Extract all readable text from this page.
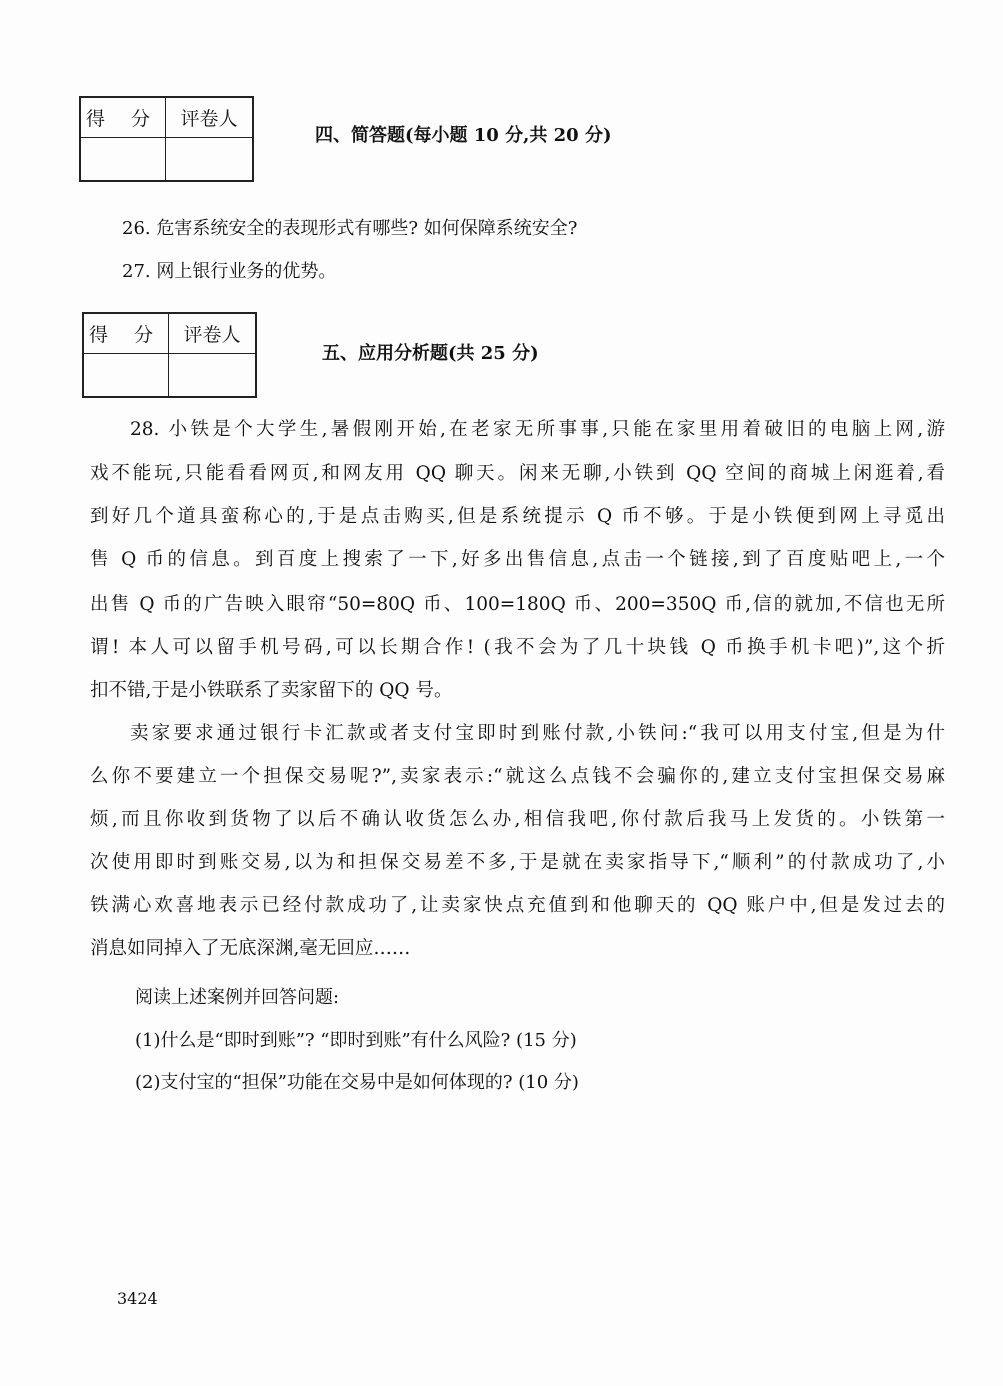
得 分	评卷人

四、简答题(每小题 10 分,共 20 分)
26. 危害系统安全的表现形式有哪些? 如何保障系统安全?
27. 网上银行业务的优势。
得 分	评卷人

五、应用分析题(共 25 分)
28. 小铁是个大学生,暑假刚开始,在老家无所事事,只能在家里用着破旧的电脑上网,游
戏不能玩,只能看看网页,和网友用 QQ 聊天。闲来无聊,小铁到 QQ 空间的商城上闲逛着,看
到好几个道具蛮称心的,于是点击购买,但是系统提示 Q 币不够。于是小铁便到网上寻觅出
售 Q 币的信息。到百度上搜索了一下,好多出售信息,点击一个链接,到了百度贴吧上,一个
出售 Q 币的广告映入眼帘“50=80Q 币、100=180Q 币、200=350Q 币,信的就加,不信也无所
谓! 本人可以留手机号码,可以长期合作! (我不会为了几十块钱 Q 币换手机卡吧)”,这个折
扣不错,于是小铁联系了卖家留下的 QQ 号。
卖家要求通过银行卡汇款或者支付宝即时到账付款,小铁问:“我可以用支付宝,但是为什
么你不要建立一个担保交易呢?”,卖家表示:“就这么点钱不会骗你的,建立支付宝担保交易麻
烦,而且你收到货物了以后不确认收货怎么办,相信我吧,你付款后我马上发货的。小铁第一
次使用即时到账交易,以为和担保交易差不多,于是就在卖家指导下,“顺利”的付款成功了,小
铁满心欢喜地表示已经付款成功了,让卖家快点充值到和他聊天的 QQ 账户中,但是发过去的
消息如同掉入了无底深渊,毫无回应……
阅读上述案例并回答问题:
(1)什么是“即时到账”? “即时到账”有什么风险? (15 分)
(2)支付宝的“担保”功能在交易中是如何体现的? (10 分)
3424
